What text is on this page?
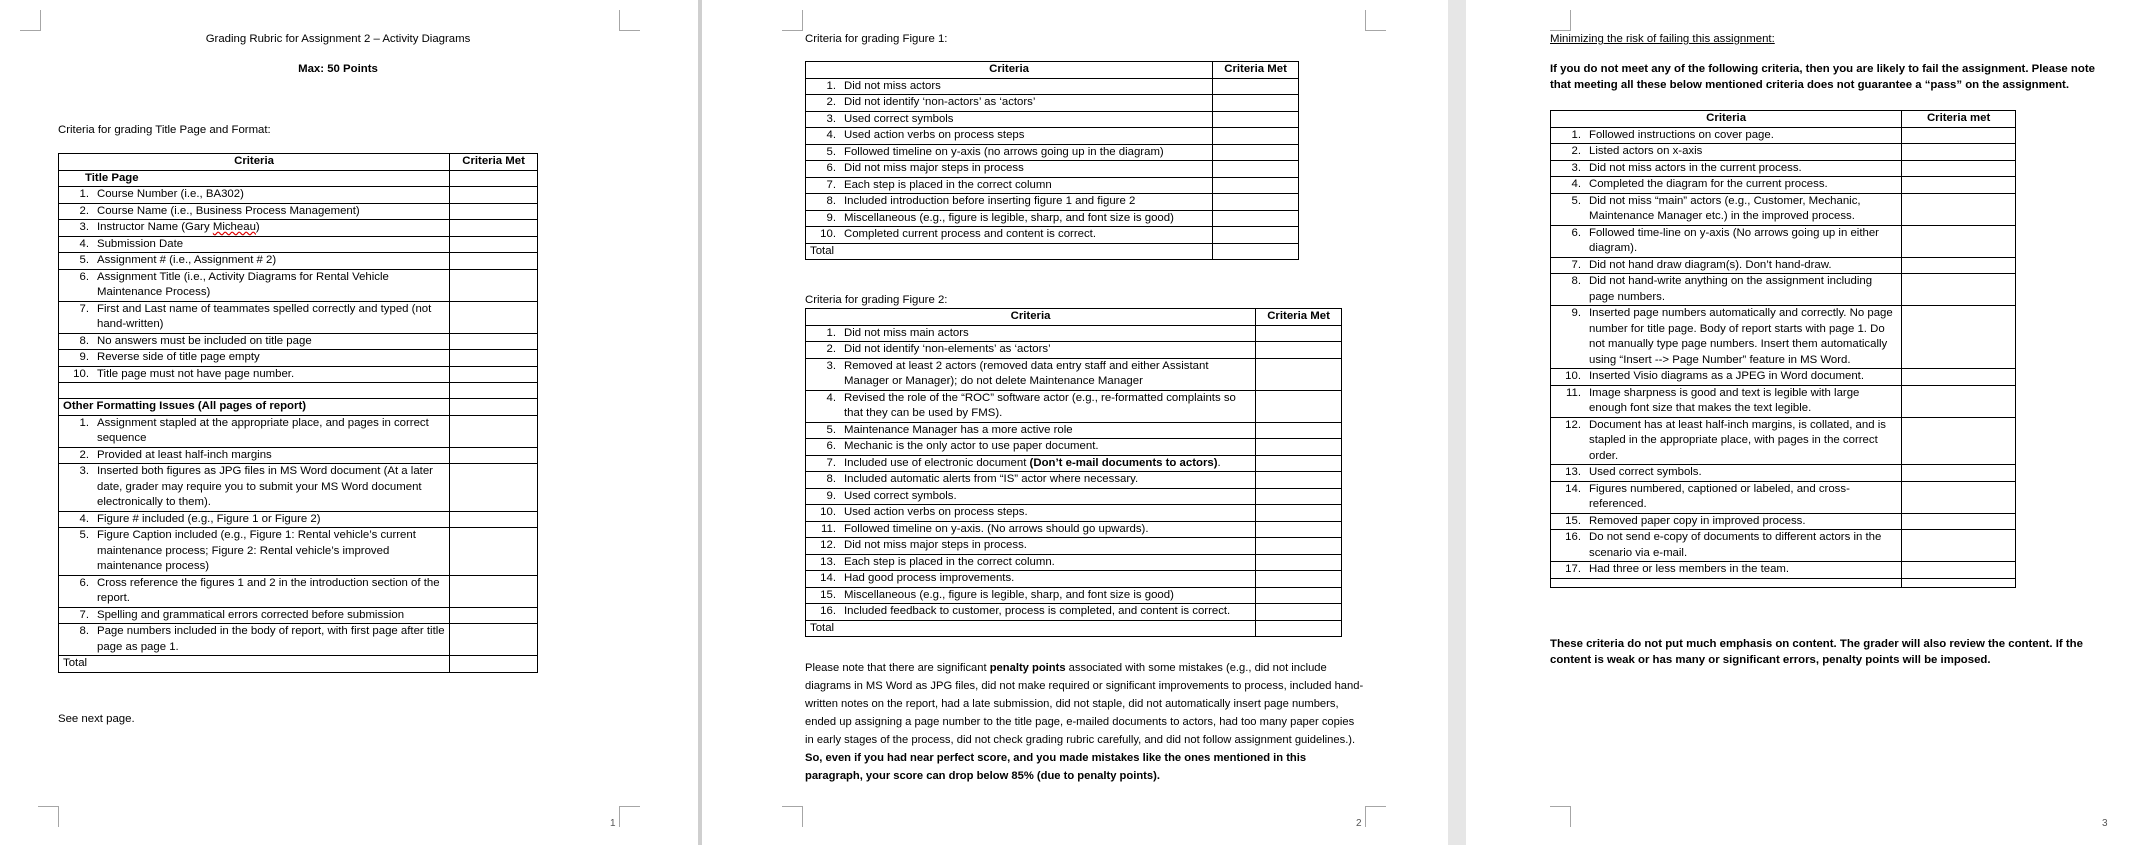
Grading Rubric for Assignment 2 – Activity Diagrams
Max: 50 Points
Criteria for grading Title Page and Format:
Criteria	Criteria Met
Title Page	

1. Course Number (i.e., BA302)	

2. Course Name (i.e., Business Process Management)	

3. Instructor Name (Gary Micheau)	

4. Submission Date	

5. Assignment # (i.e., Assignment # 2)	

6. Assignment Title (i.e., Activity Diagrams for Rental Vehicle Maintenance Process)	

7. First and Last name of teammates spelled correctly and typed (not hand-written)	

8. No answers must be included on title page	

9. Reverse side of title page empty	

10. Title page must not have page number.	

Other Formatting Issues (All pages of report)	

1. Assignment stapled at the appropriate place, and pages in correct sequence	

2. Provided at least half-inch margins	

3. Inserted both figures as JPG files in MS Word document (At a later date, grader may require you to submit your MS Word document electronically to them).	

4. Figure # included (e.g., Figure 1 or Figure 2)	

5. Figure Caption included (e.g., Figure 1: Rental vehicle’s current maintenance process; Figure 2: Rental vehicle’s improved maintenance process)	

6. Cross reference the figures 1 and 2 in the introduction section of the report.	

7. Spelling and grammatical errors corrected before submission	

8. Page numbers included in the body of report, with first page after title page as page 1.	

Total	
See next page.
1
Criteria for grading Figure 1:
Criteria	Criteria Met

1. Did not miss actors	

2. Did not identify ‘non-actors’ as ‘actors’	

3. Used correct symbols	

4. Used action verbs on process steps	

5. Followed timeline on y-axis (no arrows going up in the diagram)	

6. Did not miss major steps in process	

7. Each step is placed in the correct column	

8. Included introduction before inserting figure 1 and figure 2	

9. Miscellaneous (e.g., figure is legible, sharp, and font size is good)	

10. Completed current process and content is correct.	

Total	
Criteria for grading Figure 2:
Criteria	Criteria Met

1. Did not miss main actors	

2. Did not identify ‘non-elements’ as ‘actors’	

3. Removed at least 2 actors (removed data entry staff and either Assistant Manager or Manager); do not delete Maintenance Manager	

4. Revised the role of the “ROC” software actor (e.g., re-formatted complaints so that they can be used by FMS).	

5. Maintenance Manager has a more active role	

6. Mechanic is the only actor to use paper document.	

7. Included use of electronic document (Don’t e-mail documents to actors).	

8. Included automatic alerts from “IS” actor where necessary.	

9. Used correct symbols.	

10. Used action verbs on process steps.	

11. Followed timeline on y-axis. (No arrows should go upwards).	

12. Did not miss major steps in process.	

13. Each step is placed in the correct column.	

14. Had good process improvements.	

15. Miscellaneous (e.g., figure is legible, sharp, and font size is good)	

16. Included feedback to customer, process is completed, and content is correct.	

Total	
Please note that there are significant penalty points associated with some mistakes (e.g., did not include diagrams in MS Word as JPG files, did not make required or significant improvements to process, included hand-written notes on the report, had a late submission, did not staple, did not automatically insert page numbers, ended up assigning a page number to the title page, e-mailed documents to actors, had too many paper copies in early stages of the process, did not check grading rubric carefully, and did not follow assignment guidelines.). So, even if you had near perfect score, and you made mistakes like the ones mentioned in this paragraph, your score can drop below 85% (due to penalty points).
2
Minimizing the risk of failing this assignment:
If you do not meet any of the following criteria, then you are likely to fail the assignment. Please note that meeting all these below mentioned criteria does not guarantee a “pass” on the assignment.
Criteria	Criteria met

1. Followed instructions on cover page.	

2. Listed actors on x-axis	

3. Did not miss actors in the current process.	

4. Completed the diagram for the current process.	

5. Did not miss “main” actors (e.g., Customer, Mechanic, Maintenance Manager etc.) in the improved process.	

6. Followed time-line on y-axis (No arrows going up in either diagram).	

7. Did not hand draw diagram(s). Don’t hand-draw.	

8. Did not hand-write anything on the assignment including page numbers.	

9. Inserted page numbers automatically and correctly. No page number for title page. Body of report starts with page 1. Do not manually type page numbers. Insert them automatically using “Insert --> Page Number” feature in MS Word.	

10. Inserted Visio diagrams as a JPEG in Word document.	

11. Image sharpness is good and text is legible with large enough font size that makes the text legible.	

12. Document has at least half-inch margins, is collated, and is stapled in the appropriate place, with pages in the correct order.	

13. Used correct symbols.	

14. Figures numbered, captioned or labeled, and cross-referenced.	

15. Removed paper copy in improved process.	

16. Do not send e-copy of documents to different actors in the scenario via e-mail.	

17. Had three or less members in the team.	

These criteria do not put much emphasis on content. The grader will also review the content. If the content is weak or has many or significant errors, penalty points will be imposed.
3
